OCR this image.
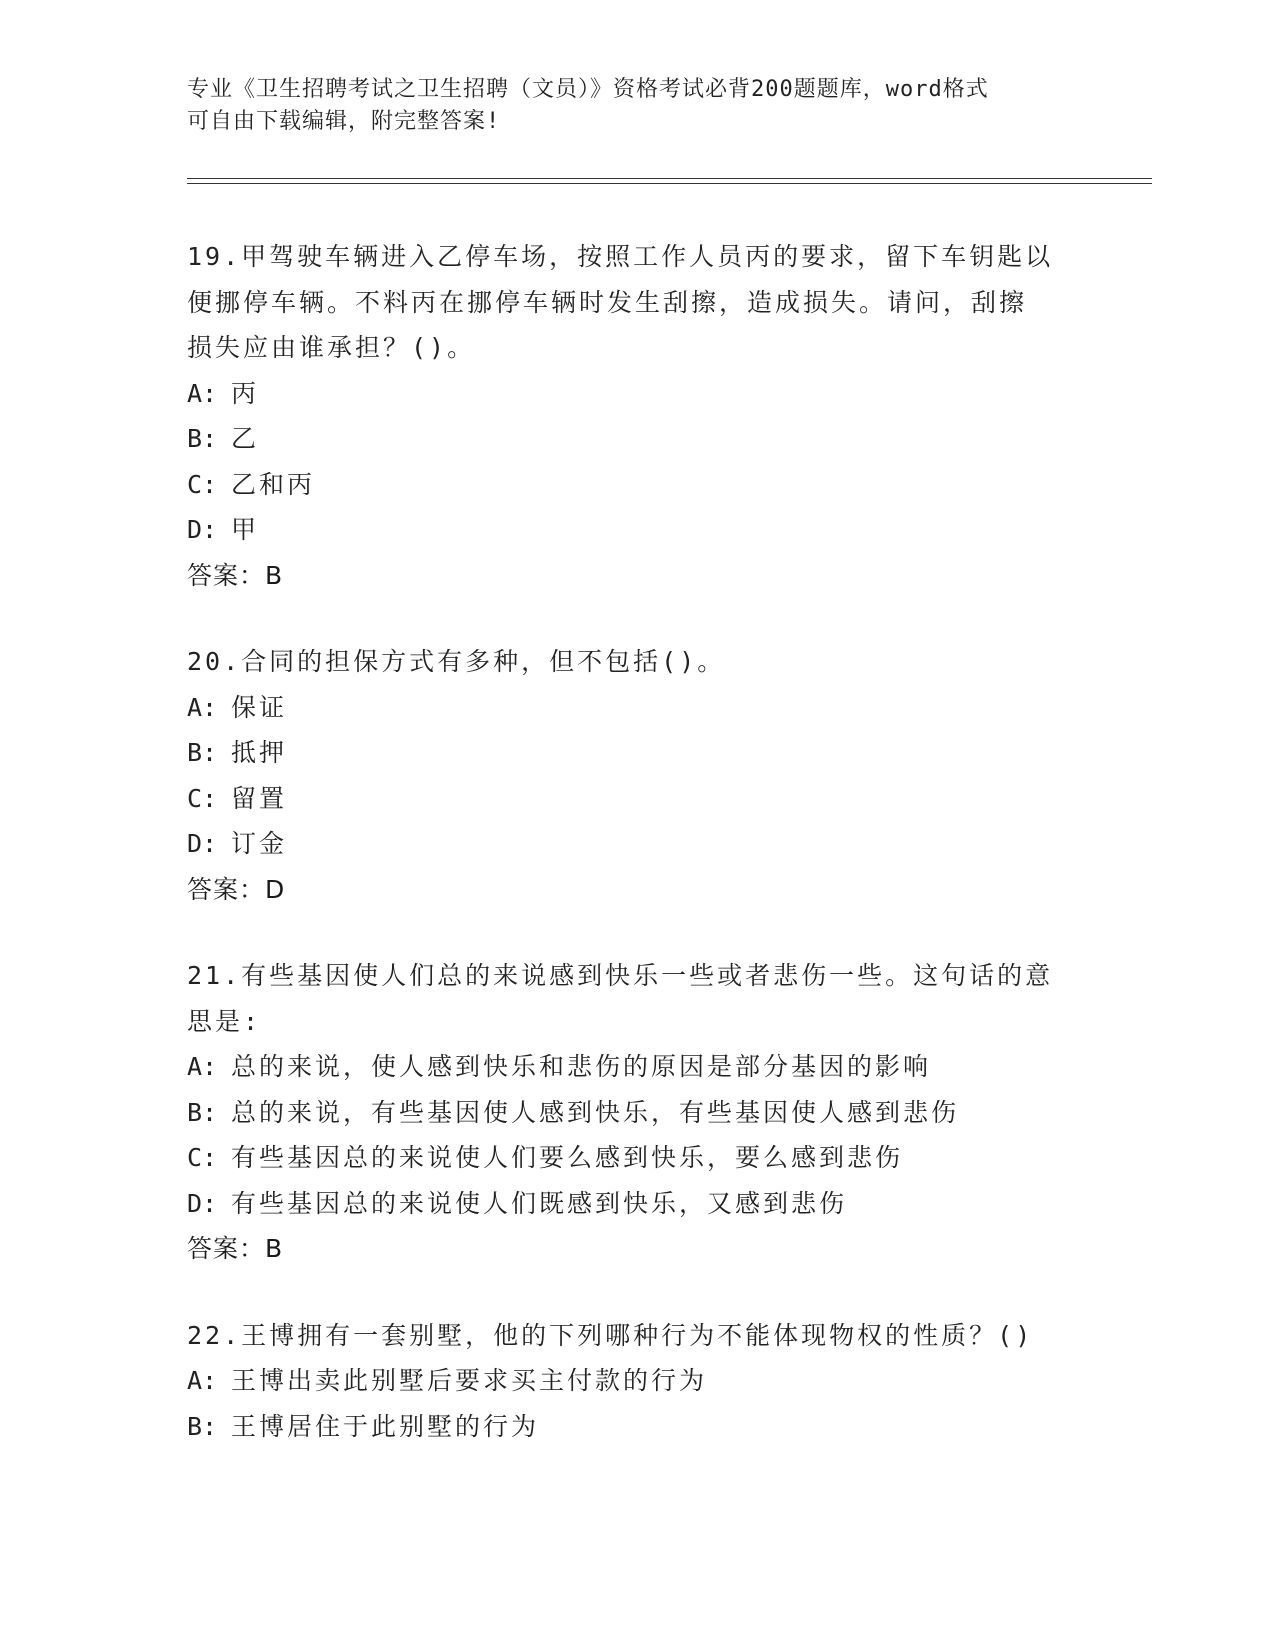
专业《卫生招聘考试之卫生招聘（文员）》资格考试必背200题题库，word格式
可自由下载编辑，附完整答案!
19.甲驾驶车辆进入乙停车场，按照工作人员丙的要求，留下车钥匙以
便挪停车辆。不料丙在挪停车辆时发生刮擦，造成损失。请问，刮擦
损失应由谁承担？()。
A: 丙
B: 乙
C: 乙和丙
D: 甲
答案：B
20.合同的担保方式有多种，但不包括()。
A: 保证
B: 抵押
C: 留置
D: 订金
答案：D
21.有些基因使人们总的来说感到快乐一些或者悲伤一些。这句话的意
思是:
A: 总的来说，使人感到快乐和悲伤的原因是部分基因的影响
B: 总的来说，有些基因使人感到快乐，有些基因使人感到悲伤
C: 有些基因总的来说使人们要么感到快乐，要么感到悲伤
D: 有些基因总的来说使人们既感到快乐，又感到悲伤
答案：B
22.王博拥有一套别墅，他的下列哪种行为不能体现物权的性质？()
A: 王博出卖此别墅后要求买主付款的行为
B: 王博居住于此别墅的行为
